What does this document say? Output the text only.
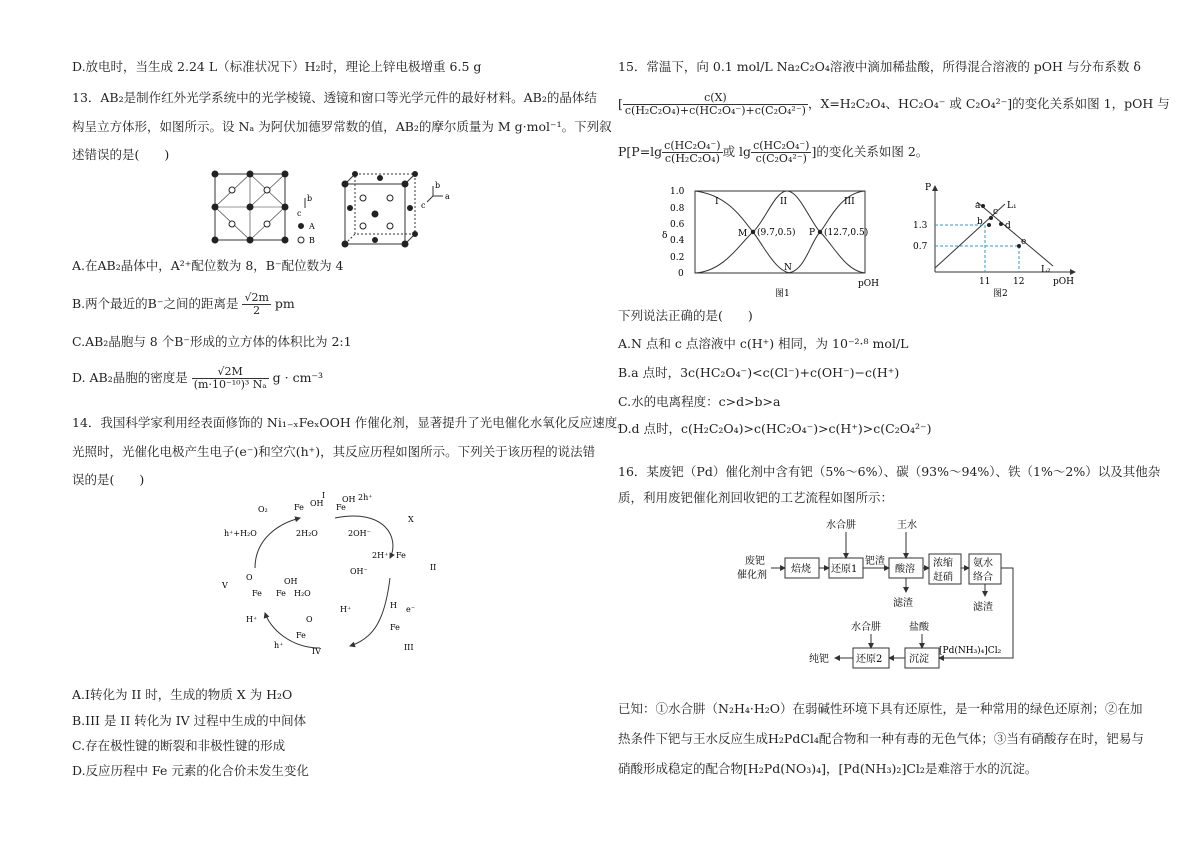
D.放电时，当生成 2.24 L（标准状况下）H₂时，理论上锌电极增重 6.5 g
13．AB₂是制作红外光学系统中的光学棱镜、透镜和窗口等光学元件的最好材料。AB₂的晶体结
构呈立方体形，如图所示。设 Nₐ 为阿伏加德罗常数的值，AB₂的摩尔质量为 M g·mol⁻¹。下列叙
述错误的是(　　)
b
c
A
B
b
a
c
A.在AB₂晶体中，A²⁺配位数为 8，B⁻配位数为 4
B.两个最近的B⁻之间的距离是 $\frac{√2m}{2}$ pm
C.AB₂晶胞与 8 个B⁻形成的立方体的体积比为 2:1
D. AB₂晶胞的密度是 $\frac{√2M}{\text{(m·10⁻¹⁰)³ Nₐ}}$ g · cm⁻³
14．我国科学家利用经表面修饰的 Ni₁₋ₓFeₓOOH 作催化剂，显著提升了光电催化水氧化反应速度。
光照时，光催化电极产生电子(e⁻)和空穴(h⁺)，其反应历程如图所示。下列关于该历程的说法错
误的是(　　)
O₂
h⁺+H₂O
I
Fe OH Fe
OH 2h⁺
X
2H₂O	2OH⁻
2H⁺ Fe
II
OH⁻
V
O
Fe Fe
OH
H₂O
H⁺
H⁺
H e⁻
Fe
III
O
Fe
h⁺
IV
A.I转化为 II 时，生成的物质 X 为 H₂O
B.III 是 II 转化为 IV 过程中生成的中间体
C.存在极性键的断裂和非极性键的形成
D.反应历程中 Fe 元素的化合价未发生变化
15．常温下，向 0.1 mol/L Na₂C₂O₄溶液中滴加稀盐酸，所得混合溶液的 pOH 与分布系数 δ
[ $\frac{c(X)}{\text{c(H₂C₂O₄)+c(HC₂O₄⁻)+c(C₂O₄²⁻)}}$ ，X=H₂C₂O₄、HC₂O₄⁻ 或 C₂O₄²⁻]的变化关系如图 1，pOH 与
$P[P=\lg \frac{\text{c(HC₂O₄⁻)}}{\text{c(H₂C₂O₄)}}$ 或 $\lg \frac{\text{c(HC₂O₄⁻)}}{\text{c(C₂O₄²⁻)}}$ ]的变化关系如图 2。
1.0
0.8
0.6
0.4
0.2
0
δ
I	II	III
M (9.7,0.5) P (12.7,0.5)
N
pOH
图1
a
b
c
d
e
L₁
L₂
P
1.3
0.7
11	12	pOH
图2
下列说法正确的是(　　)
A.N 点和 c 点溶液中 c(H⁺) 相同，为 10⁻²·⁸ mol/L
B.a 点时，3c(HC₂O₄⁻)<c(Cl⁻)+c(OH⁻)−c(H⁺)
C.水的电离程度：c>d>b>a
D.d 点时，c(H₂C₂O₄)>c(HC₂O₄⁻)>c(H⁺)>c(C₂O₄²⁻)
16．某废钯（Pd）催化剂中含有钯（5%～6%）、碳（93%～94%）、铁（1%～2%）以及其他杂
质，利用废钯催化剂回收钯的工艺流程如图所示：
废钯
催化剂
焙烧 还原1
水合肼
钯渣
酸溶
王水
滤渣
浓缩
赶硝
氨水
络合
滤渣
[Pd(NH₃)₄]Cl₂
沉淀
盐酸
还原2
水合肼
纯钯
已知：①水合肼（N₂H₄·H₂O）在弱碱性环境下具有还原性，是一种常用的绿色还原剂；②在加
热条件下钯与王水反应生成H₂PdCl₄配合物和一种有毒的无色气体；③当有硝酸存在时，钯易与
硝酸形成稳定的配合物[H₂Pd(NO₃)₄]，[Pd(NH₃)₂]Cl₂是难溶于水的沉淀。
